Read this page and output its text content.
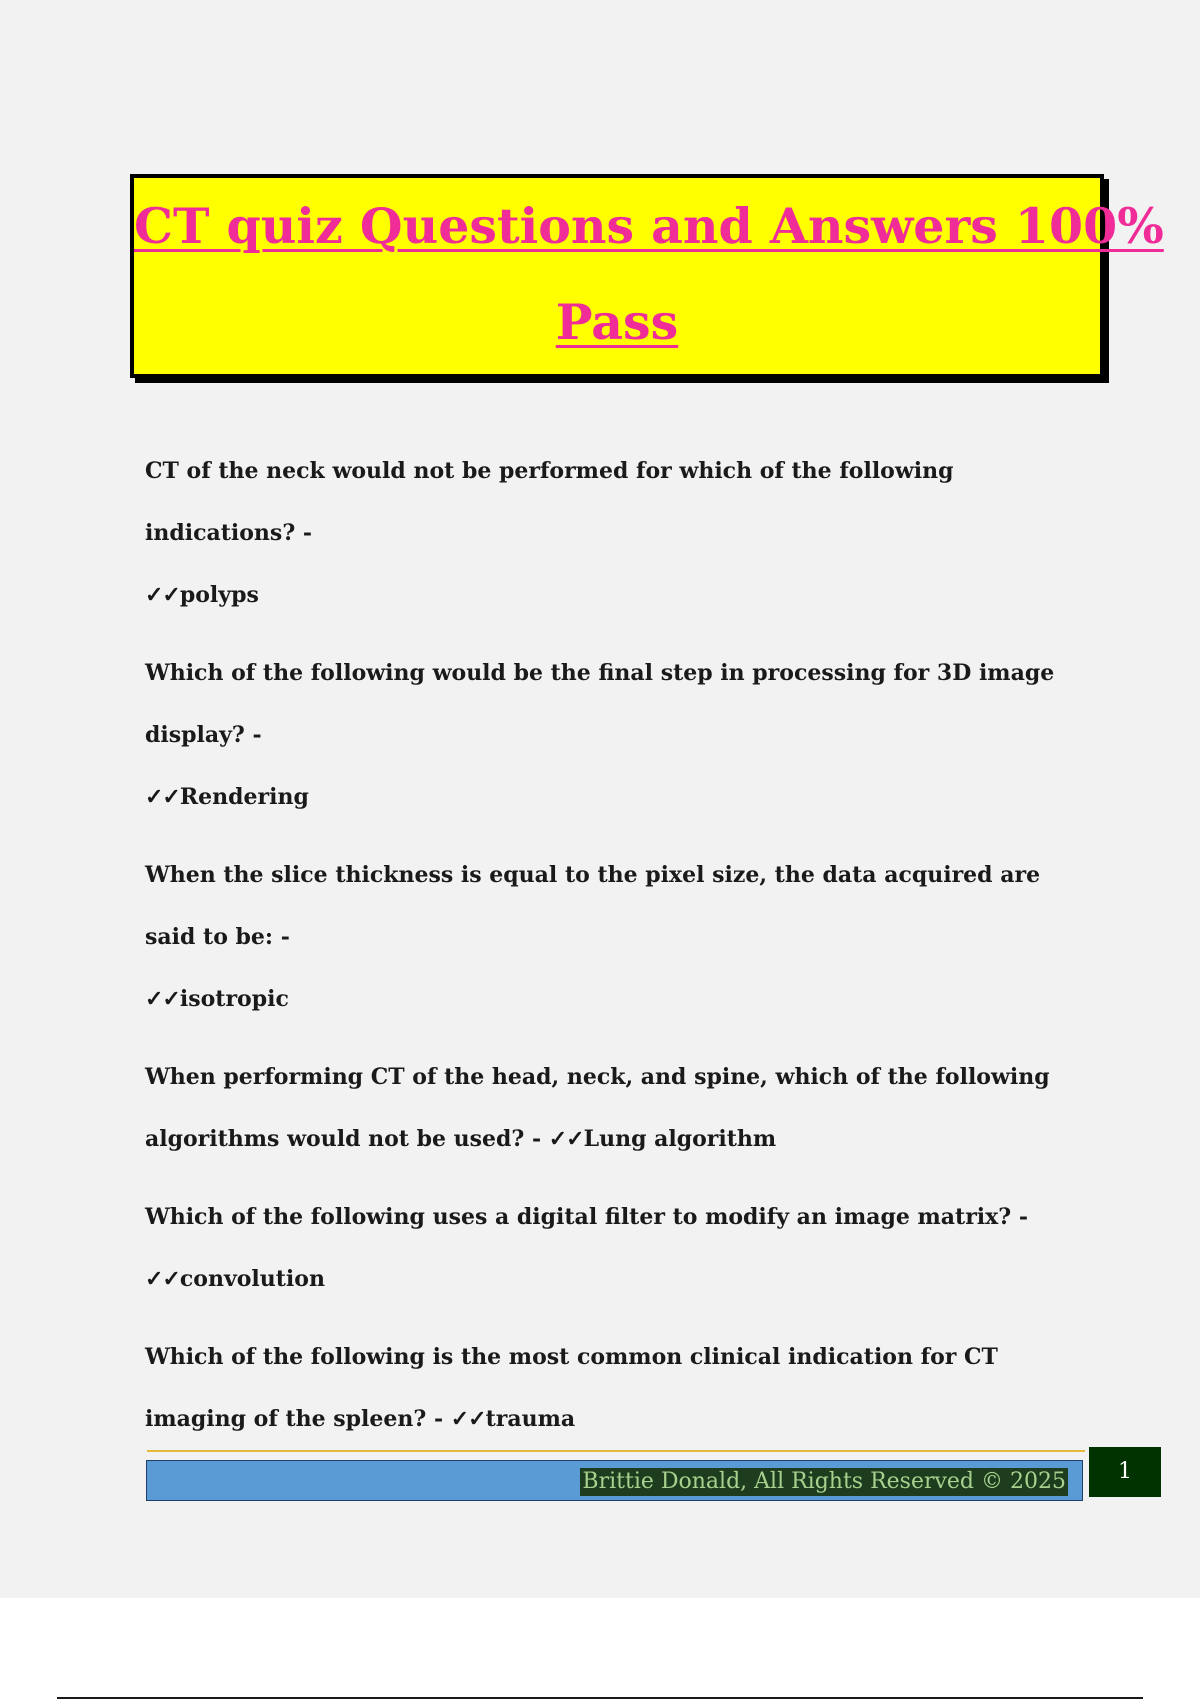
CT quiz Questions and Answers 100%
Pass
CT of the neck would not be performed for which of the following indications? -
✓✓polyps
Which of the following would be the final step in processing for 3D image display? -
✓✓Rendering
When the slice thickness is equal to the pixel size, the data acquired are said to be: -
✓✓isotropic
When performing CT of the head, neck, and spine, which of the following algorithms would not be used? - ✓✓Lung algorithm
Which of the following uses a digital filter to modify an image matrix? -
✓✓convolution
Which of the following is the most common clinical indication for CT imaging of the spleen? - ✓✓trauma
Brittie Donald, All Rights Reserved © 2025	1
